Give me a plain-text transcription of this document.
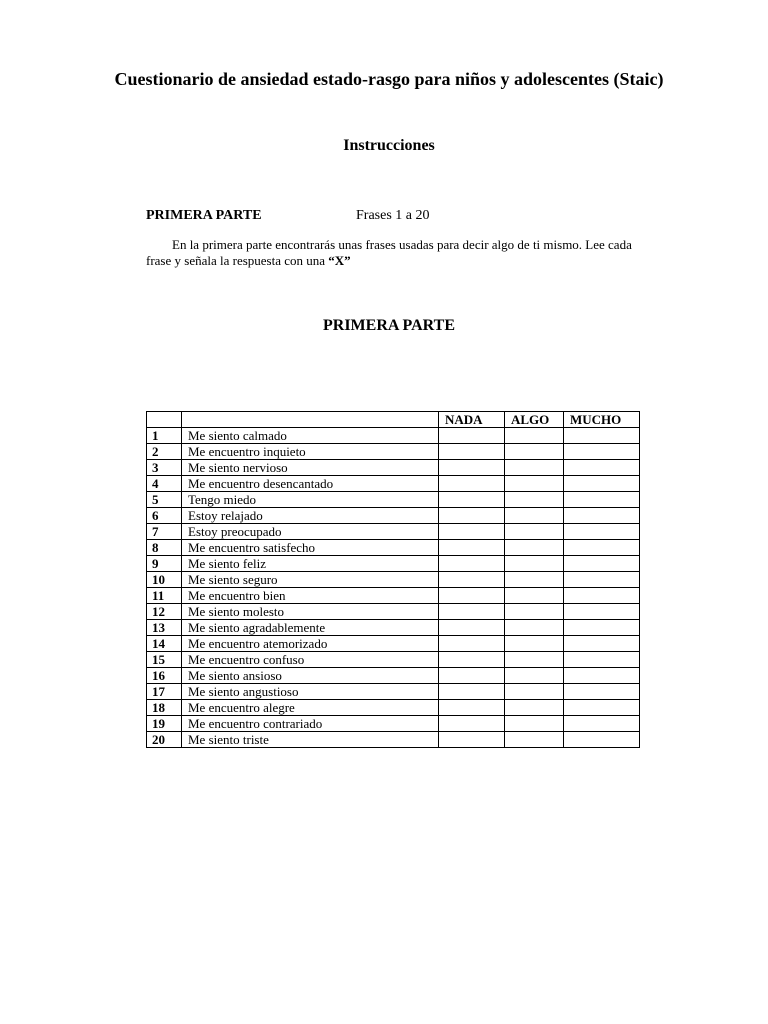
Cuestionario de ansiedad estado-rasgo para niños y adolescentes (Staic)
Instrucciones
PRIMERA PARTE	Frases 1 a 20

En la primera parte encontrarás unas frases usadas para decir algo de ti mismo. Lee cada frase y señala la respuesta con una “X”

PRIMERA PARTE
		NADA	ALGO	MUCHO
1	Me siento calmado			
2	Me encuentro inquieto			
3	Me siento nervioso			
4	Me encuentro desencantado			
5	Tengo miedo			
6	Estoy relajado			
7	Estoy preocupado			
8	Me encuentro satisfecho			
9	Me siento feliz			
10	Me siento seguro			
11	Me encuentro bien			
12	Me siento molesto			
13	Me siento agradablemente			
14	Me encuentro atemorizado			
15	Me encuentro confuso			
16	Me siento ansioso			
17	Me siento angustioso			
18	Me encuentro alegre			
19	Me encuentro contrariado			
20	Me siento triste			
